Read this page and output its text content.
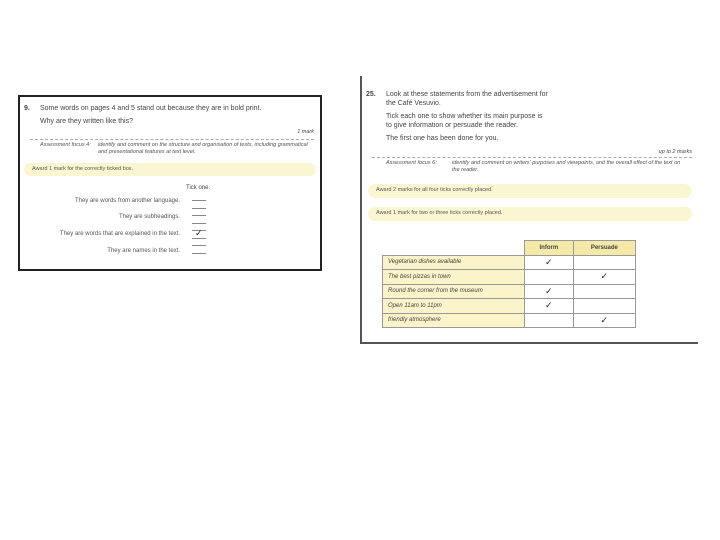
9. Some words on pages 4 and 5 stand out because they are in bold print.
Why are they written like this?
1 mark
Assessment focus 4:	identify and comment on the structure and organisation of texts, including grammatical and presentational features at text level.
Award 1 mark for the correctly ticked box.
Tick one.
They are words from another language.
They are subheadings.
They are words that are explained in the text. ✓
They are names in the text.
25. Look at these statements from the advertisement for
the Café Vesuvio.
Tick each one to show whether its main purpose is
to give information or persuade the reader.
The first one has been done for you.
up to 2 marks
Assessment focus 6:	identify and comment on writers' purposes and viewpoints, and the overall effect of the text on the reader.
Award 2 marks for all four ticks correctly placed.
Award 1 mark for two or three ticks correctly placed.
	Inform	Persuade
Vegetarian dishes available	✓	
The best pizzas in town		✓
Round the corner from the museum	✓	
Open 11am to 11pm	✓	
friendly atmosphere		✓
